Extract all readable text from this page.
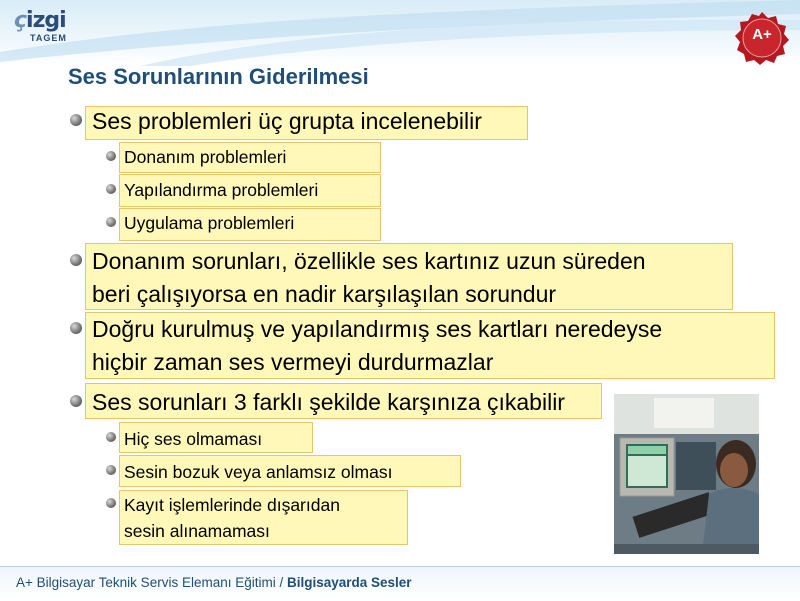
çizgi
TAGEM	A+
Ses Sorunlarının Giderilmesi
Ses problemleri üç grupta incelenebilir
Donanım problemleri
Yapılandırma problemleri
Uygulama problemleri
Donanım sorunları, özellikle ses kartınız uzun süreden
beri çalışıyorsa en nadir karşılaşılan sorundur
Doğru kurulmuş ve yapılandırmış ses kartları neredeyse
hiçbir zaman ses vermeyi durdurmazlar
Ses sorunları 3 farklı şekilde karşınıza çıkabilir
Hiç ses olmaması
Sesin bozuk veya anlamsız olması
Kayıt işlemlerinde dışarıdan
sesin alınamaması
A+ Bilgisayar Teknik Servis Elemanı Eğitimi / Bilgisayarda Sesler
